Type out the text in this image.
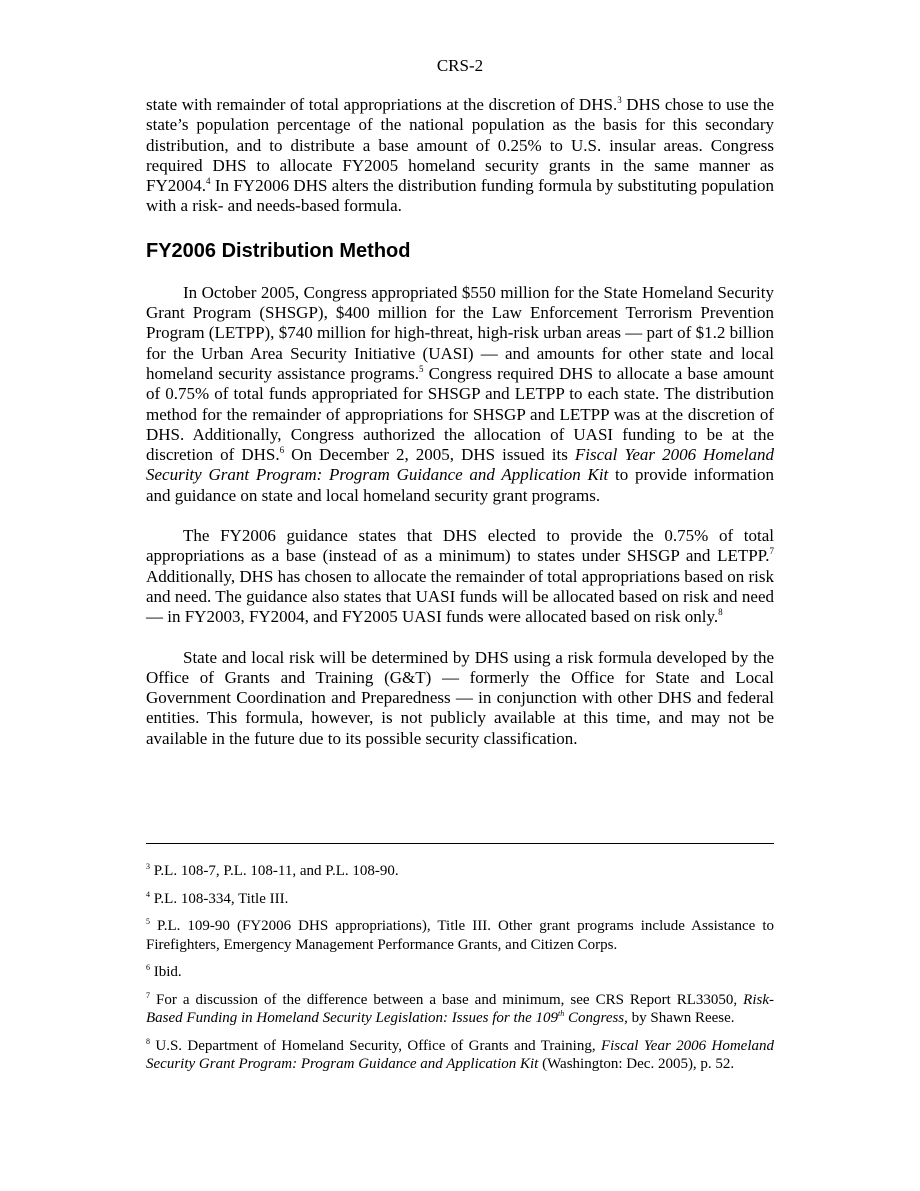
CRS-2

state with remainder of total appropriations at the discretion of DHS.$^3$ DHS chose to use the state’s population percentage of the national population as the basis for this secondary distribution, and to distribute a base amount of 0.25% to U.S. insular areas. Congress required DHS to allocate FY2005 homeland security grants in the same manner as FY2004.$^4$ In FY2006 DHS alters the distribution funding formula by substituting population with a risk- and needs-based formula.

FY2006 Distribution Method

In October 2005, Congress appropriated $550 million for the State Homeland Security Grant Program (SHSGP), $400 million for the Law Enforcement Terrorism Prevention Program (LETPP), $740 million for high-threat, high-risk urban areas — part of $1.2 billion for the Urban Area Security Initiative (UASI) — and amounts for other state and local homeland security assistance programs.$^5$ Congress required DHS to allocate a base amount of 0.75% of total funds appropriated for SHSGP and LETPP to each state. The distribution method for the remainder of appropriations for SHSGP and LETPP was at the discretion of DHS. Additionally, Congress authorized the allocation of UASI funding to be at the discretion of DHS.$^6$ On December 2, 2005, DHS issued its Fiscal Year 2006 Homeland Security Grant Program: Program Guidance and Application Kit to provide information and guidance on state and local homeland security grant programs.

The FY2006 guidance states that DHS elected to provide the 0.75% of total appropriations as a base (instead of as a minimum) to states under SHSGP and LETPP.$^7$ Additionally, DHS has chosen to allocate the remainder of total appropriations based on risk and need. The guidance also states that UASI funds will be allocated based on risk and need — in FY2003, FY2004, and FY2005 UASI funds were allocated based on risk only.$^8$

State and local risk will be determined by DHS using a risk formula developed by the Office of Grants and Training (G&T) — formerly the Office for State and Local Government Coordination and Preparedness — in conjunction with other DHS and federal entities. This formula, however, is not publicly available at this time, and may not be available in the future due to its possible security classification.

$^3$ P.L. 108-7, P.L. 108-11, and P.L. 108-90.

$^4$ P.L. 108-334, Title III.

$^5$ P.L. 109-90 (FY2006 DHS appropriations), Title III. Other grant programs include Assistance to Firefighters, Emergency Management Performance Grants, and Citizen Corps.

$^6$ Ibid.

$^7$ For a discussion of the difference between a base and minimum, see CRS Report RL33050, Risk-Based Funding in Homeland Security Legislation: Issues for the 109th Congress, by Shawn Reese.

$^8$ U.S. Department of Homeland Security, Office of Grants and Training, Fiscal Year 2006 Homeland Security Grant Program: Program Guidance and Application Kit (Washington: Dec. 2005), p. 52.
